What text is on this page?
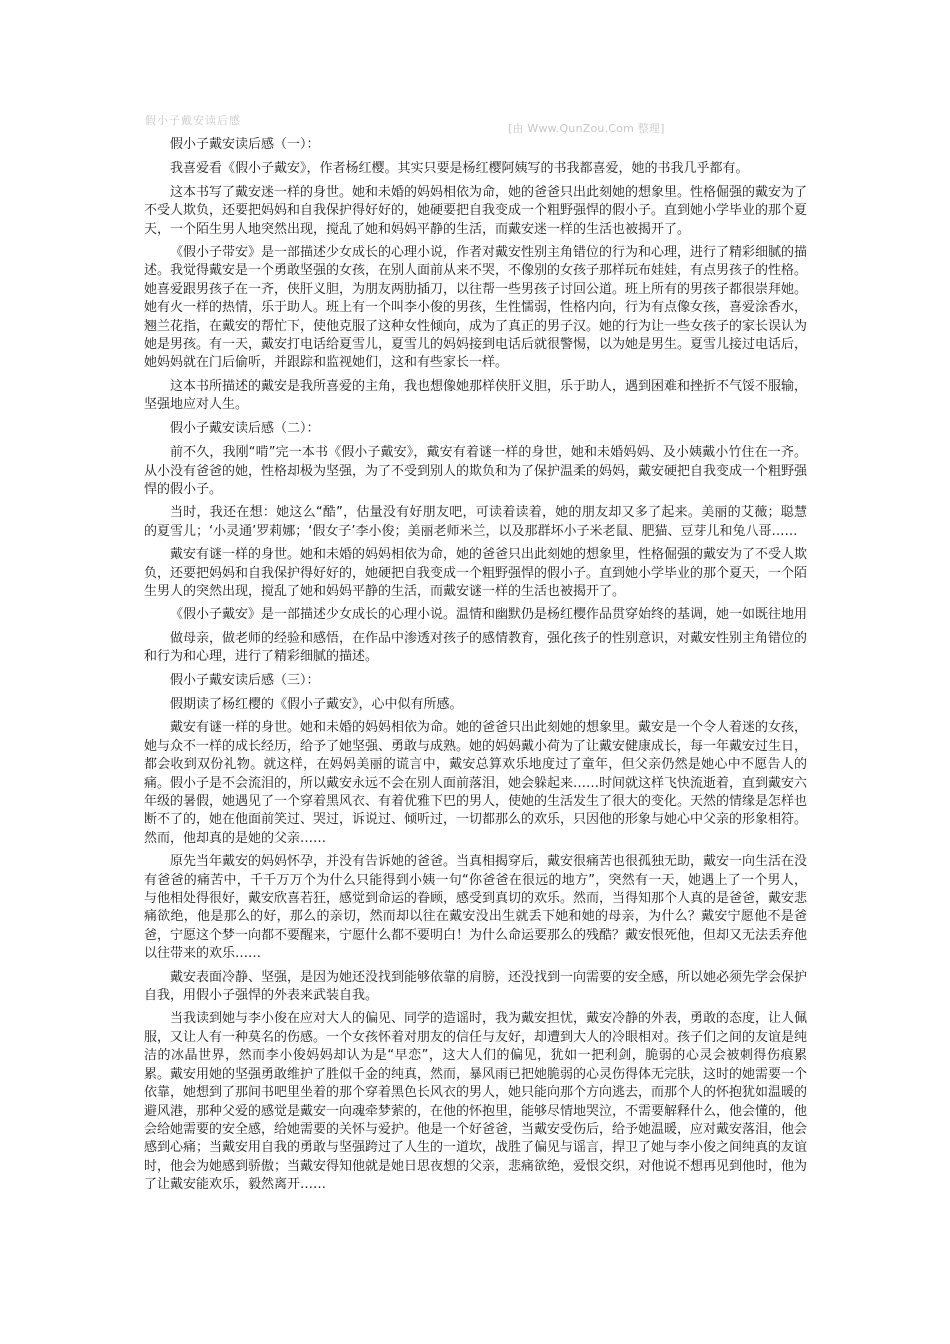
假小子戴安读后感
[由 Www.QunZou.Com 整理]

假小子戴安读后感（一）：

我喜爱看《假小子戴安》，作者杨红樱。其实只要是杨红樱阿姨写的书我都喜爱，她的书我几乎都有。

这本书写了戴安迷一样的身世。她和未婚的妈妈相依为命，她的爸爸只出此刻她的想象里。性格倔强的戴安为了不受人欺负，还要把妈妈和自我保护得好好的，她硬要把自我变成一个粗野强悍的假小子。直到她小学毕业的那个夏天，一个陌生男人地突然出现，搅乱了她和妈妈平静的生活，而戴安迷一样的生活也被揭开了。

《假小子带安》是一部描述少女成长的心理小说，作者对戴安性别主角错位的行为和心理，进行了精彩细腻的描述。我觉得戴安是一个勇敢坚强的女孩，在别人面前从来不哭，不像别的女孩子那样玩布娃娃，有点男孩子的性格。她喜爱跟男孩子在一齐，侠肝义胆，为朋友两肋插刀，以往帮一些男孩子讨回公道。班上所有的男孩子都很崇拜她。她有火一样的热情，乐于助人。班上有一个叫李小俊的男孩，生性懦弱，性格内向，行为有点像女孩，喜爱涂香水，翘兰花指，在戴安的帮忙下，使他克服了这种女性倾向，成为了真正的男子汉。她的行为让一些女孩子的家长误认为她是男孩。有一天，戴安打电话给夏雪儿，夏雪儿的妈妈接到电话后就很警惕，以为她是男生。夏雪儿接过电话后，她妈妈就在门后偷听，并跟踪和监视她们，这和有些家长一样。

这本书所描述的戴安是我所喜爱的主角，我也想像她那样侠肝义胆，乐于助人，遇到困难和挫折不气馁不服输，坚强地应对人生。

假小子戴安读后感（二）：

前不久，我刚“啃”完一本书《假小子戴安》，戴安有着谜一样的身世，她和未婚妈妈、及小姨戴小竹住在一齐。从小没有爸爸的她，性格却极为坚强，为了不受到别人的欺负和为了保护温柔的妈妈，戴安硬把自我变成一个粗野强悍的假小子。

当时，我还在想：她这么“酷”，估量没有好朋友吧，可读着读着，她的朋友却又多了起来。美丽的艾薇；聪慧的夏雪儿；‘小灵通’罗莉娜；‘假女子’李小俊；美丽老师米兰，以及那群坏小子米老鼠、肥猫、豆芽儿和兔八哥……

戴安有谜一样的身世。她和未婚的妈妈相依为命，她的爸爸只出此刻她的想象里，性格倔强的戴安为了不受人欺负，还要把妈妈和自我保护得好好的，她硬把自我变成一个粗野强悍的假小子。直到她小学毕业的那个夏天，一个陌生男人的突然出现，搅乱了她和妈妈平静的生活，而戴安谜一样的生活也被揭开了。

《假小子戴安》是一部描述少女成长的心理小说。温情和幽默仍是杨红樱作品贯穿始终的基调，她一如既往地用

做母亲，做老师的经验和感悟，在作品中渗透对孩子的感情教育，强化孩子的性别意识，对戴安性别主角错位的和行为和心理，进行了精彩细腻的描述。

假小子戴安读后感（三）：

假期读了杨红樱的《假小子戴安》，心中似有所感。

戴安有谜一样的身世。她和未婚的妈妈相依为命。她的爸爸只出此刻她的想象里。戴安是一个令人着迷的女孩，她与众不一样的成长经历，给予了她坚强、勇敢与成熟。她的妈妈戴小荷为了让戴安健康成长，每一年戴安过生日，都会收到双份礼物。就这样，在妈妈美丽的谎言中，戴安总算欢乐地度过了童年，但父亲仍然是她心中不愿告人的痛。假小子是不会流泪的，所以戴安永远不会在别人面前落泪，她会躲起来……时间就这样飞快流逝着，直到戴安六年级的暑假，她遇见了一个穿着黑风衣、有着优雅下巴的男人，使她的生活发生了很大的变化。天然的情缘是怎样也断不了的，她在他面前笑过、哭过，诉说过、倾听过，一切都那么的欢乐，只因他的形象与她心中父亲的形象相符。然而，他却真的是她的父亲……

原先当年戴安的妈妈怀孕，并没有告诉她的爸爸。当真相揭穿后，戴安很痛苦也很孤独无助，戴安一向生活在没有爸爸的痛苦中，千千万万个为什么只能得到小姨一句“你爸爸在很远的地方”，突然有一天，她遇上了一个男人，与他相处得很好，戴安欣喜若狂，感觉到命运的眷顾，感受到真切的欢乐。然而，当得知那个人真的是爸爸，戴安悲痛欲绝，他是那么的好，那么的亲切，然而却以往在戴安没出生就丢下她和她的母亲，为什么？戴安宁愿他不是爸爸，宁愿这个梦一向都不要醒来，宁愿什么都不要明白！为什么命运要那么的残酷？戴安恨死他，但却又无法丢弃他以往带来的欢乐……

戴安表面冷静、坚强，是因为她还没找到能够依靠的肩膀，还没找到一向需要的安全感，所以她必须先学会保护自我，用假小子强悍的外表来武装自我。

当我读到她与李小俊在应对大人的偏见、同学的造谣时，我为戴安担忧，戴安冷静的外表，勇敢的态度，让人佩服，又让人有一种莫名的伤感。一个女孩怀着对朋友的信任与友好，却遭到大人的冷眼相对。孩子们之间的友谊是纯洁的冰晶世界，然而李小俊妈妈却认为是“早恋”，这大人们的偏见，犹如一把利剑，脆弱的心灵会被刺得伤痕累累。戴安用她的坚强勇敢维护了胜似千金的纯真，然而，暴风雨已把她脆弱的心灵伤得体无完肤，这时的她需要一个依靠，她想到了那间书吧里坐着的那个穿着黑色长风衣的男人，她只能向那个方向逃去，而那个人的怀抱犹如温暖的避风港，那种父爱的感觉是戴安一向魂牵梦萦的，在他的怀抱里，能够尽情地哭泣，不需要解释什么，他会懂的，他会给她需要的安全感，给她需要的关怀与爱护。他是一个好爸爸，当戴安受伤后，给予她温暖，应对戴安落泪，他会感到心痛；当戴安用自我的勇敢与坚强跨过了人生的一道坎，战胜了偏见与谣言，捍卫了她与李小俊之间纯真的友谊时，他会为她感到骄傲；当戴安得知他就是她日思夜想的父亲，悲痛欲绝，爱恨交织，对他说不想再见到他时，他为了让戴安能欢乐，毅然离开……
